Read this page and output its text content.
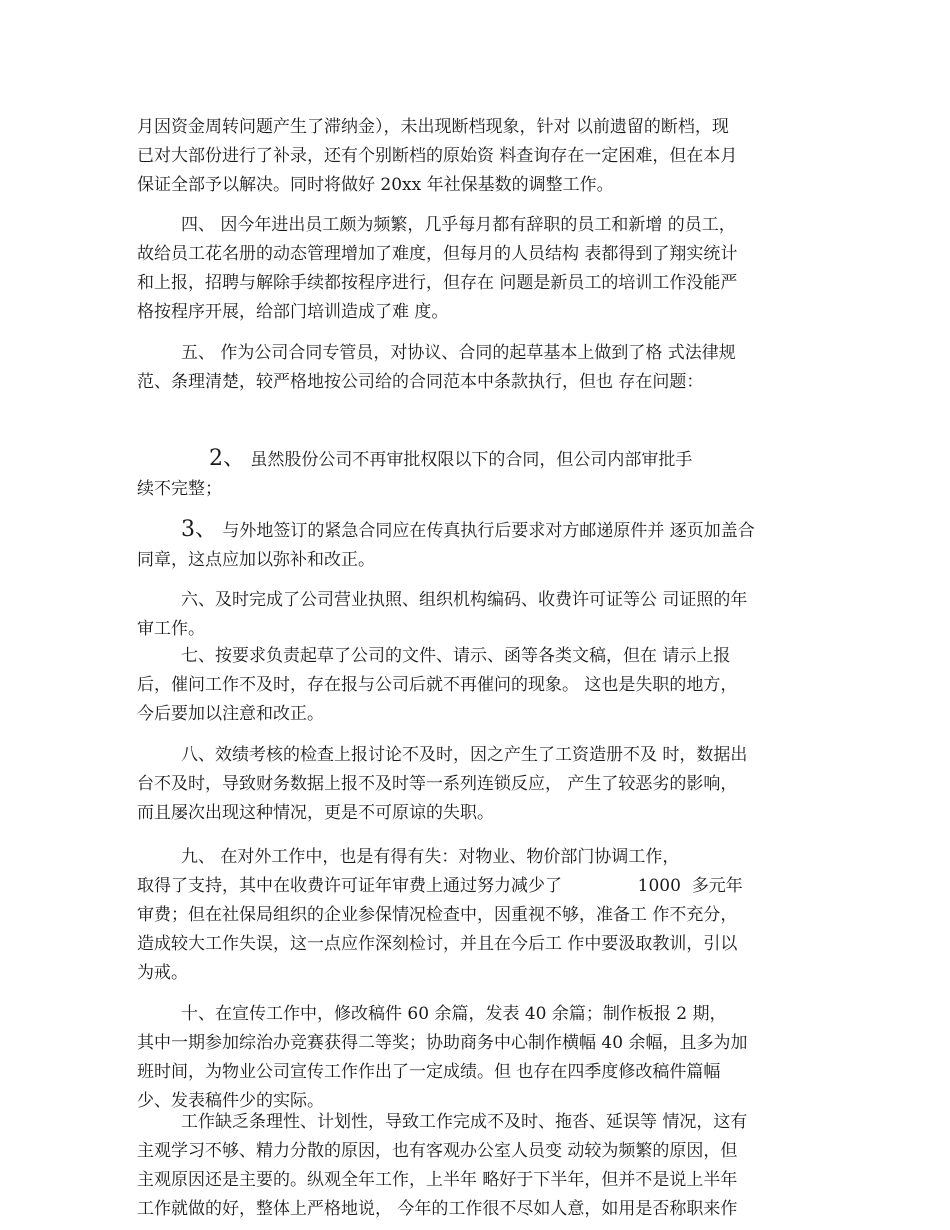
月因资金周转问题产生了滞纳金），未出现断档现象，针对 以前遗留的断档，现
已对大部份进行了补录，还有个别断档的原始资 料查询存在一定困难，但在本月
保证全部予以解决。同时将做好 20xx 年社保基数的调整工作。
四、 因今年进出员工颇为频繁，几乎每月都有辞职的员工和新增 的员工，
故给员工花名册的动态管理增加了难度，但每月的人员结构 表都得到了翔实统计
和上报，招聘与解除手续都按程序进行，但存在 问题是新员工的培训工作没能严
格按程序开展，给部门培训造成了难 度。
五、 作为公司合同专管员，对协议、合同的起草基本上做到了格 式法律规
范、条理清楚，较严格地按公司给的合同范本中条款执行，但也 存在问题：
2、 虽然股份公司不再审批权限以下的合同，但公司内部审批手
续不完整；
3、 与外地签订的紧急合同应在传真执行后要求对方邮递原件并 逐页加盖合
同章，这点应加以弥补和改正。
六、及时完成了公司营业执照、组织机构编码、收费许可证等公 司证照的年
审工作。
七、按要求负责起草了公司的文件、请示、函等各类文稿，但在 请示上报
后，催问工作不及时，存在报与公司后就不再催问的现象。 这也是失职的地方，
今后要加以注意和改正。
八、效绩考核的检查上报讨论不及时，因之产生了工资造册不及 时，数据出
台不及时，导致财务数据上报不及时等一系列连锁反应， 产生了较恶劣的影响，
而且屡次出现这种情况，更是不可原谅的失职。
九、 在对外工作中，也是有得有失：对物业、物价部门协调工作，
取得了支持，其中在收费许可证年审费上通过努力减少了              1000  多元年
审费；但在社保局组织的企业参保情况检查中，因重视不够，准备工 作不充分，
造成较大工作失误，这一点应作深刻检讨，并且在今后工 作中要汲取教训，引以
为戒。
十、在宣传工作中，修改稿件 60 余篇，发表 40 余篇；制作板报 2 期，
其中一期参加综治办竞赛获得二等奖；协助商务中心制作横幅 40 余幅，且多为加
班时间，为物业公司宣传工作作出了一定成绩。但 也存在四季度修改稿件篇幅
少、发表稿件少的实际。
工作缺乏条理性、计划性，导致工作完成不及时、拖沓、延误等 情况，这有
主观学习不够、精力分散的原因，也有客观办公室人员变 动较为频繁的原因，但
主观原因还是主要的。纵观全年工作，上半年 略好于下半年，但并不是说上半年
工作就做的好，整体上严格地说， 今年的工作很不尽如人意，如用是否称职来作
